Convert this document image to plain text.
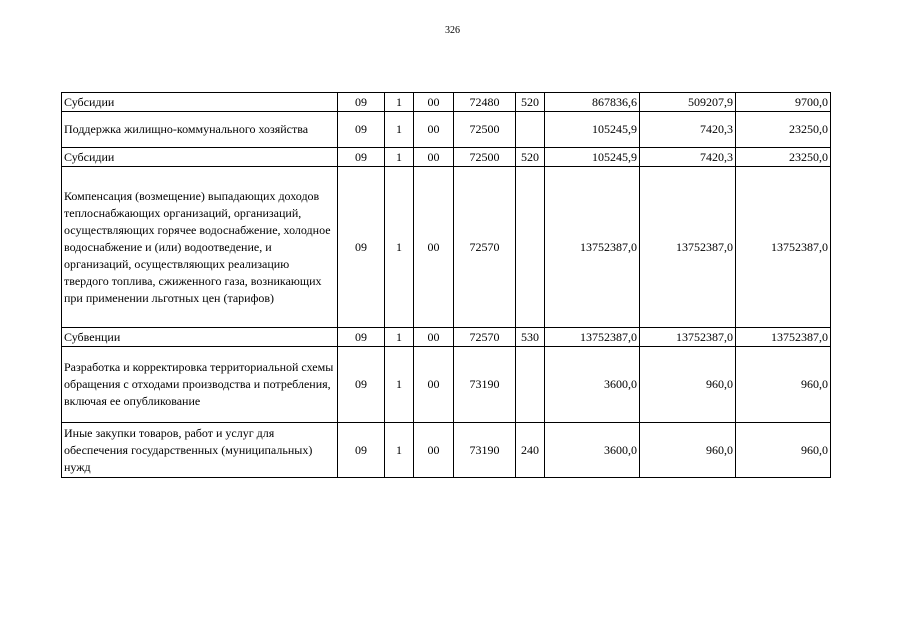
326
Субсидии	09	1	00	72480	520	867836,6	509207,9	9700,0
Поддержка жилищно-коммунального хозяйства	09	1	00	72500		105245,9	7420,3	23250,0
Субсидии	09	1	00	72500	520	105245,9	7420,3	23250,0
Компенсация (возмещение) выпадающих доходов теплоснабжающих организаций, организаций, осуществляющих горячее водоснабжение, холодное водоснабжение и (или) водоотведение, и организаций, осуществляющих реализацию твердого топлива, сжиженного газа, возникающих при применении льготных цен (тарифов)	09	1	00	72570		13752387,0	13752387,0	13752387,0
Субвенции	09	1	00	72570	530	13752387,0	13752387,0	13752387,0
Разработка и корректировка территориальной схемы обращения с отходами производства и потребления, включая ее опубликование	09	1	00	73190		3600,0	960,0	960,0
Иные закупки товаров, работ и услуг для обеспечения государственных (муниципальных) нужд	09	1	00	73190	240	3600,0	960,0	960,0
